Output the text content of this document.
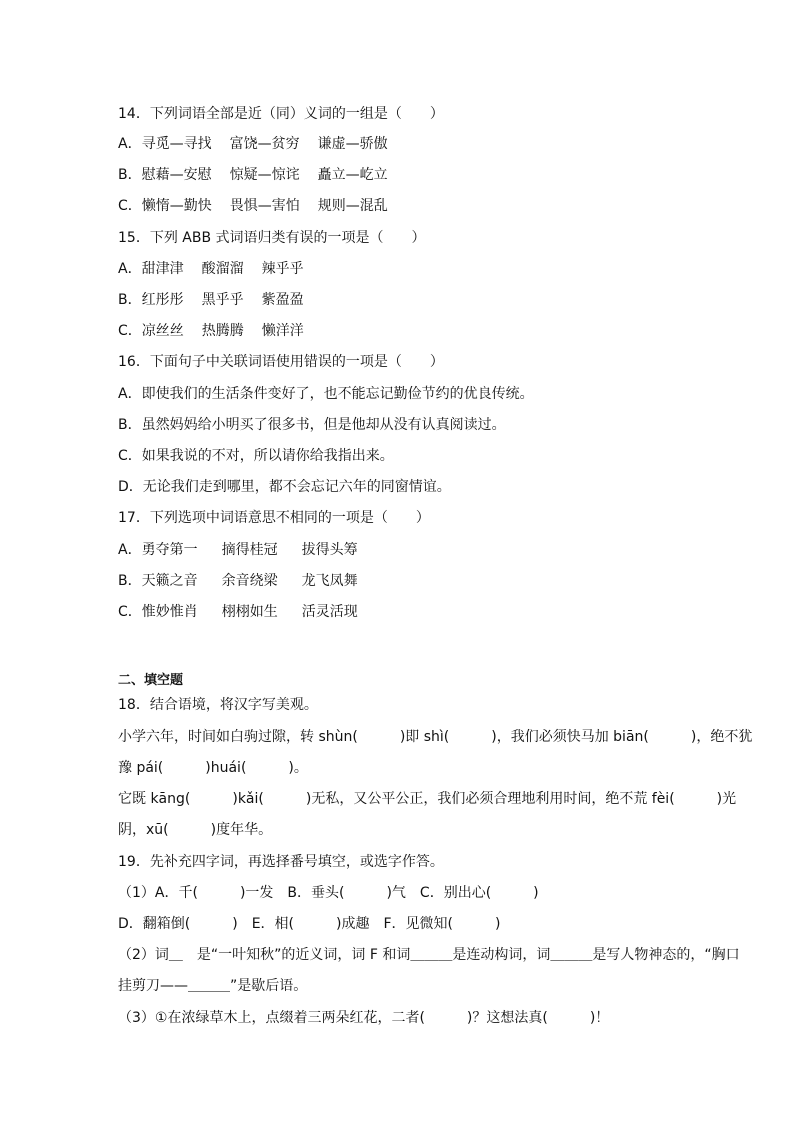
14．下列词语全部是近（同）义词的一组是（　　）
A．寻觅—寻找 富饶—贫穷 谦虚—骄傲
B．慰藉—安慰 惊疑—惊诧 矗立—屹立
C．懒惰—勤快 畏惧—害怕 规则—混乱
15．下列 ABB 式词语归类有误的一项是（　　）
A．甜津津 酸溜溜 辣乎乎
B．红彤彤 黑乎乎 紫盈盈
C．凉丝丝 热腾腾 懒洋洋
16．下面句子中关联词语使用错误的一项是（　　）
A．即使我们的生活条件变好了，也不能忘记勤俭节约的优良传统。
B．虽然妈妈给小明买了很多书，但是他却从没有认真阅读过。
C．如果我说的不对，所以请你给我指出来。
D．无论我们走到哪里，都不会忘记六年的同窗情谊。
17．下列选项中词语意思不相同的一项是（　　）
A．勇夺第一 摘得桂冠 拔得头筹
B．天籁之音 余音绕梁 龙飞凤舞
C．惟妙惟肖 栩栩如生 活灵活现
二、填空题
18．结合语境，将汉字写美观。
小学六年，时间如白驹过隙，转 shùn(　　　)即 shì(　　　)，我们必须快马加 biān(　　　)，绝不犹
豫 pái(　　　)huái(　　　)。
它既 kāng(　　　)kǎi(　　　)无私，又公平公正，我们必须合理地利用时间，绝不荒 fèi(　　　)光
阴，xū(　　　)度年华。
19．先补充四字词，再选择番号填空，或选字作答。
（1）A．千(　　　)一发　B．垂头(　　　)气　C．别出心(　　　)
D．翻箱倒(　　　)　E．相(　　　)成趣　F．见微知(　　　)
（2）词＿　是“一叶知秋”的近义词，词 F 和词＿＿＿是连动构词，词＿＿＿是写人物神态的，“胸口
挂剪刀——＿＿＿”是歇后语。
（3）①在浓绿草木上，点缀着三两朵红花，二者(　　　)？这想法真(　　　)！
